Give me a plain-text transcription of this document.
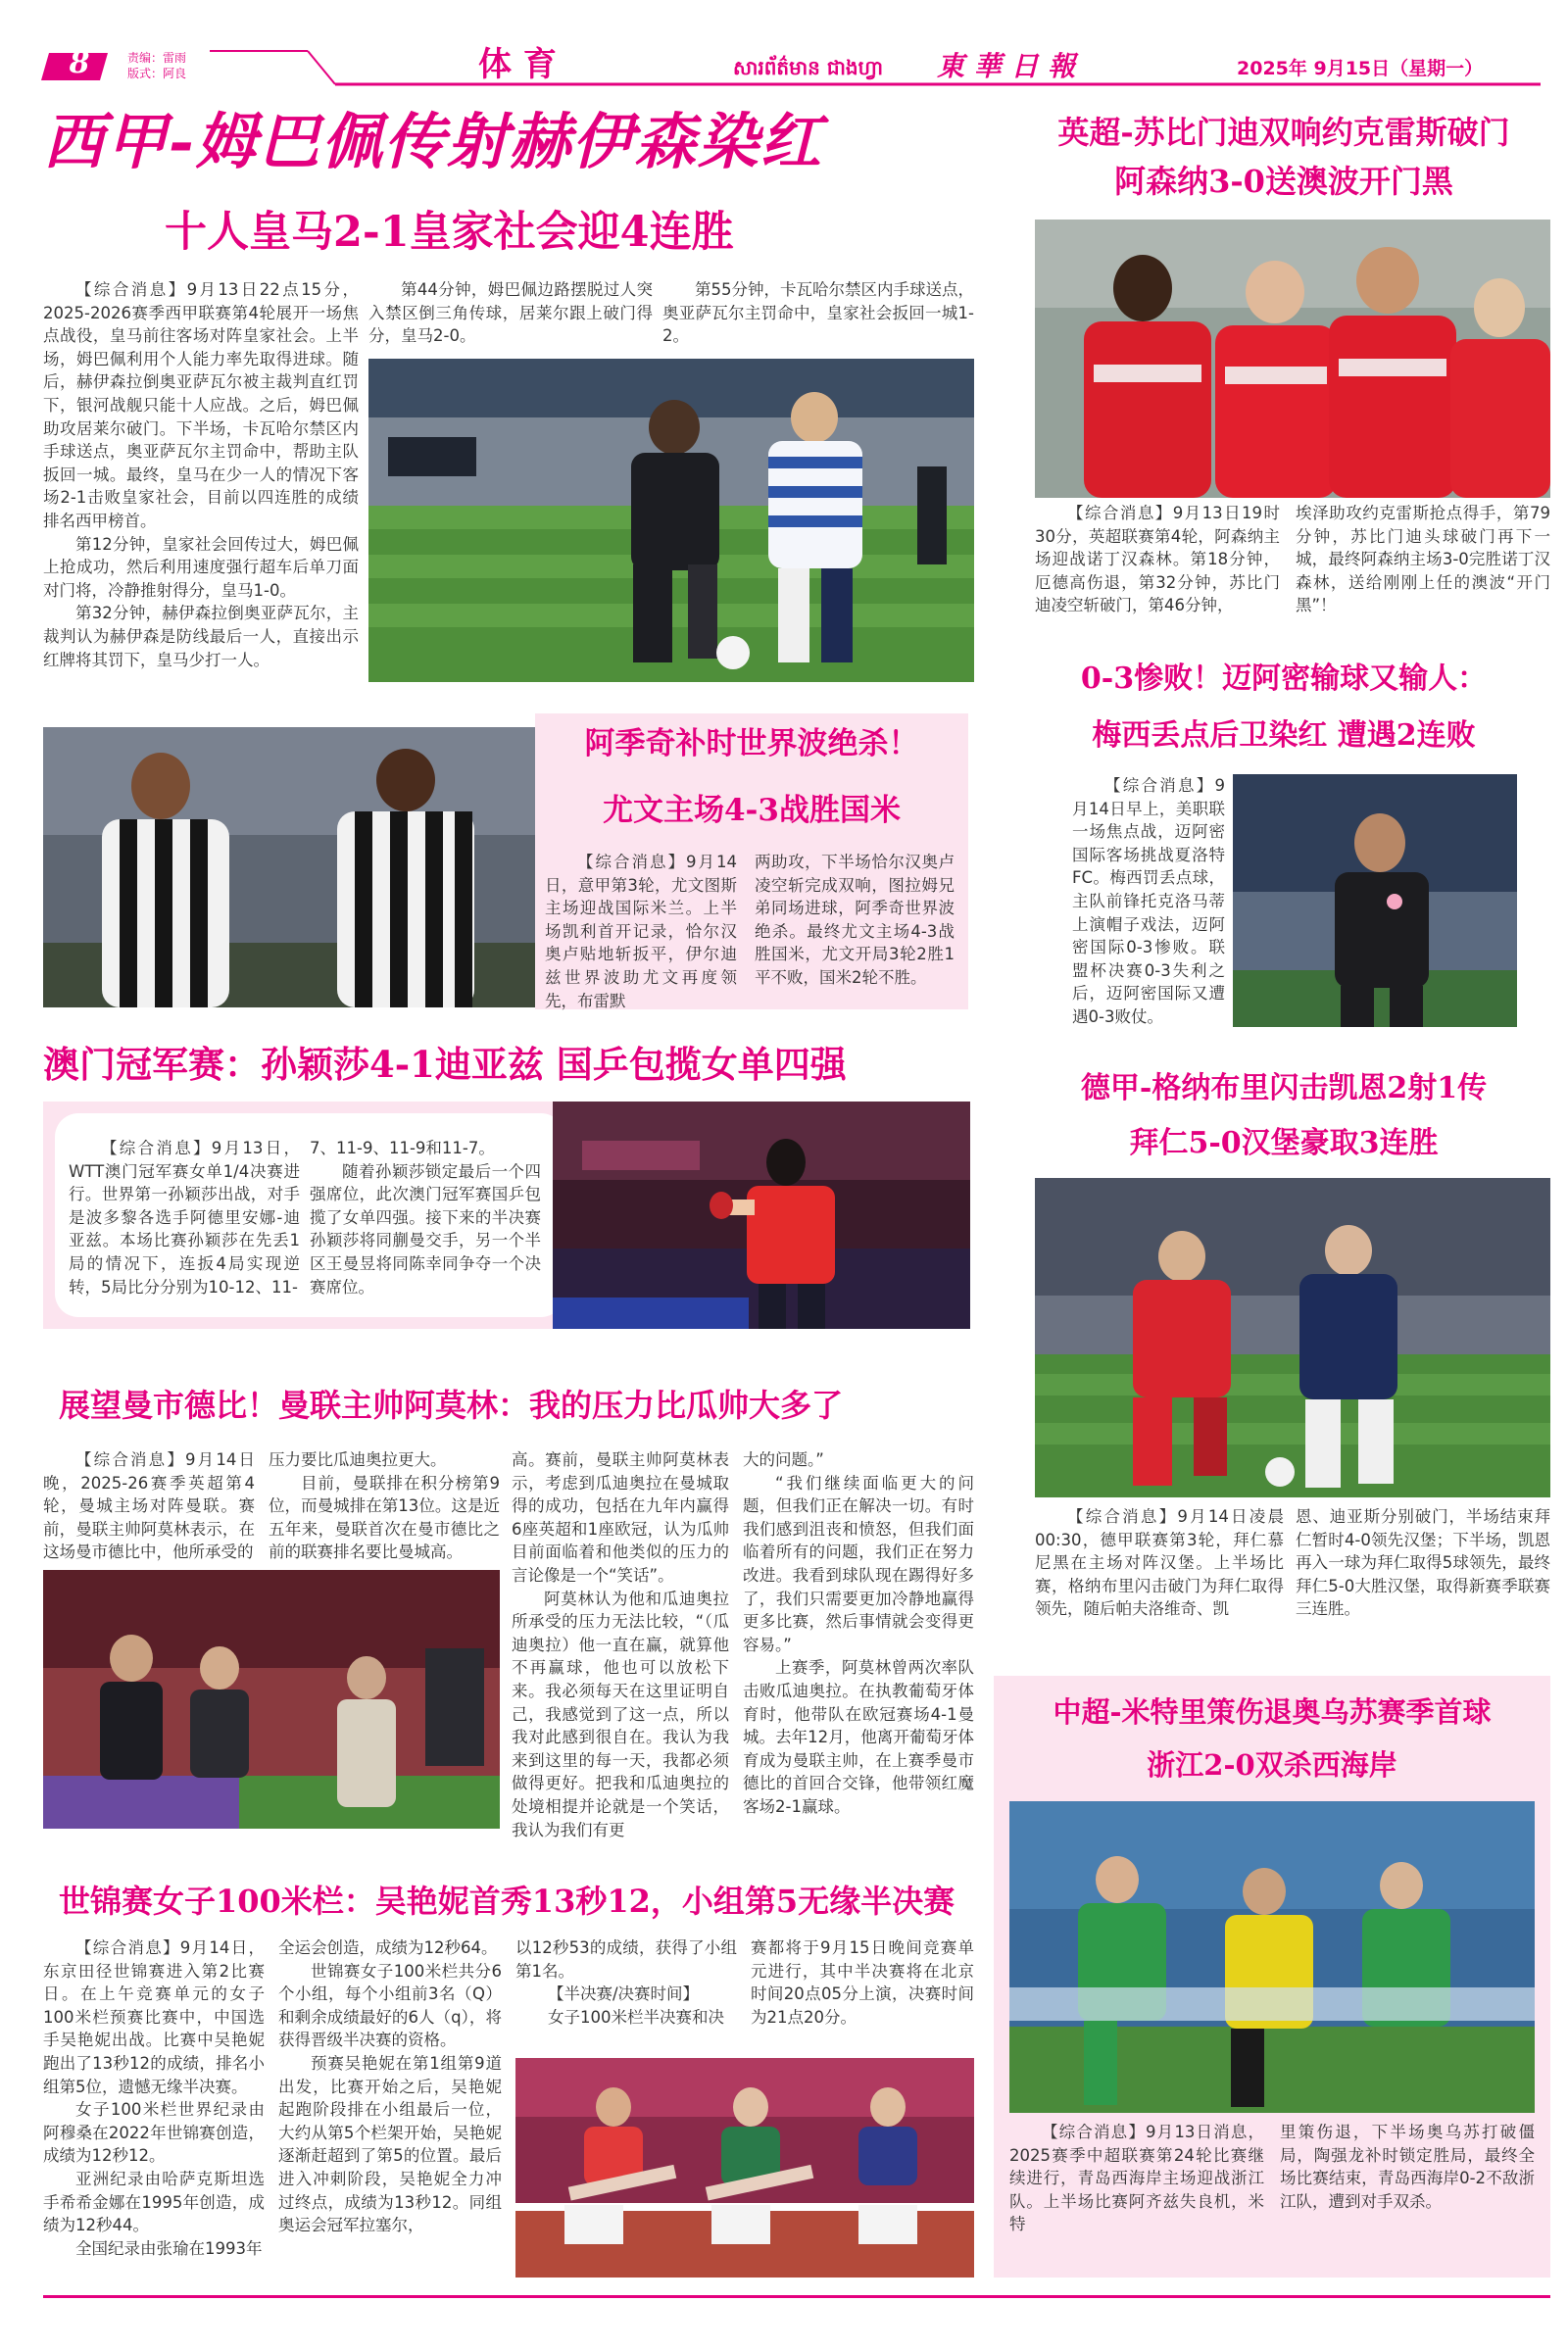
8	责编：雷雨
版式：阿良	体 育	សារព័ត៌មាន ជាងហ្វា 東 華 日 報	2025年 9月15日（星期一）
西甲-姆巴佩传射赫伊森染红
十人皇马2-1皇家社会迎4连胜

【综合消息】9月13日22点15分，2025-2026赛季西甲联赛第4轮展开一场焦点战役，皇马前往客场对阵皇家社会。上半场，姆巴佩利用个人能力率先取得进球。随后，赫伊森拉倒奥亚萨瓦尔被主裁判直红罚下，银河战舰只能十人应战。之后，姆巴佩助攻居莱尔破门。下半场，卡瓦哈尔禁区内手球送点，奥亚萨瓦尔主罚命中，帮助主队扳回一城。最终，皇马在少一人的情况下客场2-1击败皇家社会，目前以四连胜的成绩排名西甲榜首。

第12分钟，皇家社会回传过大，姆巴佩上抢成功，然后利用速度强行超车后单刀面对门将，冷静推射得分，皇马1-0。

第32分钟，赫伊森拉倒奥亚萨瓦尔，主裁判认为赫伊森是防线最后一人，直接出示红牌将其罚下，皇马少打一人。

第44分钟，姆巴佩边路摆脱过人突入禁区倒三角传球，居莱尔跟上破门得分，皇马2-0。

第55分钟，卡瓦哈尔禁区内手球送点，奥亚萨瓦尔主罚命中，皇家社会扳回一城1-2。

英超-苏比门迪双响约克雷斯破门
阿森纳3-0送澳波开门黑

【综合消息】9月13日19时30分，英超联赛第4轮，阿森纳主场迎战诺丁汉森林。第18分钟，厄德高伤退，第32分钟，苏比门迪凌空斩破门，第46分钟，

埃泽助攻约克雷斯抢点得手，第79分钟，苏比门迪头球破门再下一城，最终阿森纳主场3-0完胜诺丁汉森林，送给刚刚上任的澳波“开门黑”！

阿季奇补时世界波绝杀！
尤文主场4-3战胜国米

【综合消息】9月14日，意甲第3轮，尤文图斯主场迎战国际米兰。上半场凯利首开记录，恰尔汉奥卢贴地斩扳平，伊尔迪兹世界波助尤文再度领先，布雷默

两助攻，下半场恰尔汉奥卢凌空斩完成双响，图拉姆兄弟同场进球，阿季奇世界波绝杀。最终尤文主场4-3战胜国米，尤文开局3轮2胜1平不败，国米2轮不胜。

0-3惨败！迈阿密输球又输人：
梅西丢点后卫染红 遭遇2连败

【综合消息】9月14日早上，美职联一场焦点战，迈阿密国际客场挑战夏洛特FC。梅西罚丢点球，主队前锋托克洛马蒂上演帽子戏法，迈阿密国际0-3惨败。联盟杯决赛0-3失利之后，迈阿密国际又遭遇0-3败仗。

澳门冠军赛：孙颖莎4-1迪亚兹 国乒包揽女单四强

【综合消息】9月13日，WTT澳门冠军赛女单1/4决赛进行。世界第一孙颖莎出战，对手是波多黎各选手阿德里安娜-迪亚兹。本场比赛孙颖莎在先丢1局的情况下，连扳4局实现逆转，5局比分分别为10-12、11-

7、11-9、11-9和11-7。

随着孙颖莎锁定最后一个四强席位，此次澳门冠军赛国乒包揽了女单四强。接下来的半决赛孙颖莎将同蒯曼交手，另一个半区王曼昱将同陈幸同争夺一个决赛席位。

德甲-格纳布里闪击凯恩2射1传
拜仁5-0汉堡豪取3连胜

【综合消息】9月14日凌晨00:30，德甲联赛第3轮，拜仁慕尼黑在主场对阵汉堡。上半场比赛，格纳布里闪击破门为拜仁取得领先，随后帕夫洛维奇、凯

恩、迪亚斯分别破门，半场结束拜仁暂时4-0领先汉堡；下半场，凯恩再入一球为拜仁取得5球领先，最终拜仁5-0大胜汉堡，取得新赛季联赛三连胜。

展望曼市德比！曼联主帅阿莫林：我的压力比瓜帅大多了

【综合消息】9月14日晚，2025-26赛季英超第4轮，曼城主场对阵曼联。赛前，曼联主帅阿莫林表示，在这场曼市德比中，他所承受的

压力要比瓜迪奥拉更大。

目前，曼联排在积分榜第9位，而曼城排在第13位。这是近五年来，曼联首次在曼市德比之前的联赛排名要比曼城高。

高。赛前，曼联主帅阿莫林表示，考虑到瓜迪奥拉在曼城取得的成功，包括在九年内赢得6座英超和1座欧冠，认为瓜帅目前面临着和他类似的压力的言论像是一个“笑话”。

阿莫林认为他和瓜迪奥拉所承受的压力无法比较，“（瓜迪奥拉）他一直在赢，就算他不再赢球，他也可以放松下来。我必须每天在这里证明自己，我感觉到了这一点，所以我对此感到很自在。我认为我来到这里的每一天，我都必须做得更好。把我和瓜迪奥拉的处境相提并论就是一个笑话，我认为我们有更

大的问题。”

“我们继续面临更大的问题，但我们正在解决一切。有时我们感到沮丧和愤怒，但我们面临着所有的问题，我们正在努力改进。我看到球队现在踢得好多了，我们只需要更加冷静地赢得更多比赛，然后事情就会变得更容易。”

上赛季，阿莫林曾两次率队击败瓜迪奥拉。在执教葡萄牙体育时，他带队在欧冠赛场4-1曼城。去年12月，他离开葡萄牙体育成为曼联主帅，在上赛季曼市德比的首回合交锋，他带领红魔客场2-1赢球。

中超-米特里策伤退奥乌苏赛季首球
浙江2-0双杀西海岸

【综合消息】9月13日消息，2025赛季中超联赛第24轮比赛继续进行，青岛西海岸主场迎战浙江队。上半场比赛阿齐兹失良机，米特

里策伤退，下半场奥乌苏打破僵局，陶强龙补时锁定胜局，最终全场比赛结束，青岛西海岸0-2不敌浙江队，遭到对手双杀。

世锦赛女子100米栏：吴艳妮首秀13秒12，小组第5无缘半决赛

【综合消息】9月14日，东京田径世锦赛进入第2比赛日。在上午竞赛单元的女子100米栏预赛比赛中，中国选手吴艳妮出战。比赛中吴艳妮跑出了13秒12的成绩，排名小组第5位，遗憾无缘半决赛。

女子100米栏世界纪录由阿穆桑在2022年世锦赛创造，成绩为12秒12。

亚洲纪录由哈萨克斯坦选手希希金娜在1995年创造，成绩为12秒44。

全国纪录由张瑜在1993年

全运会创造，成绩为12秒64。

世锦赛女子100米栏共分6个小组，每个小组前3名（Q）和剩余成绩最好的6人（q），将获得晋级半决赛的资格。

预赛吴艳妮在第1组第9道出发，比赛开始之后，吴艳妮起跑阶段排在小组最后一位，大约从第5个栏架开始，吴艳妮逐渐赶超到了第5的位置。最后进入冲刺阶段，吴艳妮全力冲过终点，成绩为13秒12。同组奥运会冠军拉塞尔，

以12秒53的成绩，获得了小组第1名。

【半决赛/决赛时间】

女子100米栏半决赛和决

赛都将于9月15日晚间竞赛单元进行，其中半决赛将在北京时间20点05分上演，决赛时间为21点20分。
